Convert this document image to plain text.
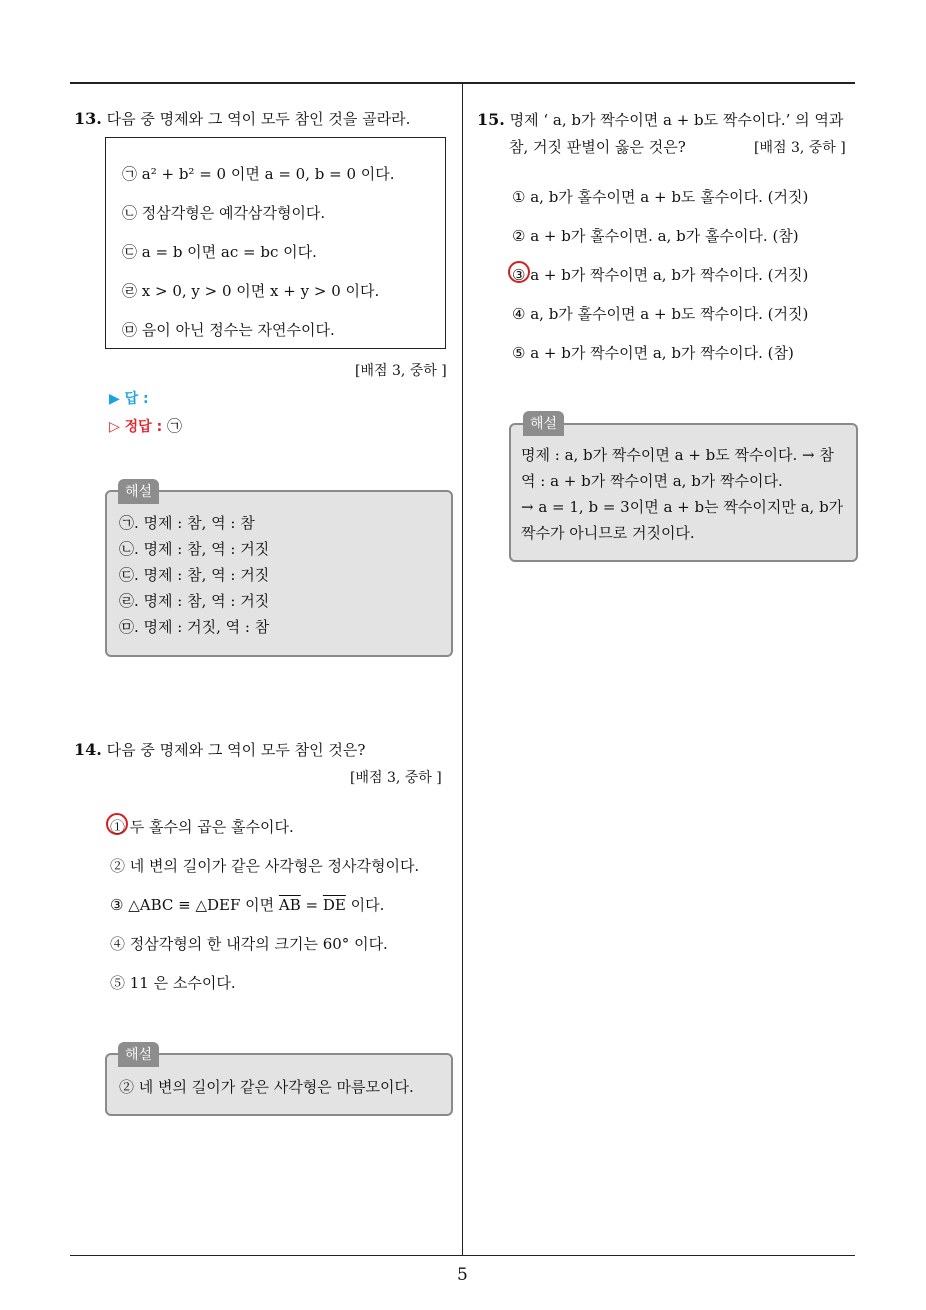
13. 다음 중 명제와 그 역이 모두 참인 것을 골라라.
㉠ a² + b² = 0 이면 a = 0, b = 0 이다.
㉡ 정삼각형은 예각삼각형이다.
㉢ a = b 이면 ac = bc 이다.
㉣ x > 0, y > 0 이면 x + y > 0 이다.
㉤ 음이 아닌 정수는 자연수이다.
[배점 3, 중하 ]
▶ 답 :
▷ 정답 : ㉠
㉠. 명제 : 참, 역 : 참
㉡. 명제 : 참, 역 : 거짓
㉢. 명제 : 참, 역 : 거짓
㉣. 명제 : 참, 역 : 거짓
㉤. 명제 : 거짓, 역 : 참
해설
14. 다음 중 명제와 그 역이 모두 참인 것은?
[배점 3, 중하 ]
① 두 홀수의 곱은 홀수이다.
② 네 변의 길이가 같은 사각형은 정사각형이다.
③ △ABC ≡ △DEF 이면 $\overline{AB} = \overline{DE}$ 이다.
④ 정삼각형의 한 내각의 크기는 60° 이다.
⑤ 11 은 소수이다.
② 네 변의 길이가 같은 사각형은 마름모이다.
해설
15. 명제 ‘ a, b가 짝수이면 a + b도 짝수이다.’ 의 역과
참, 거짓 판별이 옳은 것은?	[배점 3, 중하 ]
① a, b가 홀수이면 a + b도 홀수이다. (거짓)
② a + b가 홀수이면. a, b가 홀수이다. (참)
③ a + b가 짝수이면 a, b가 짝수이다. (거짓)
④ a, b가 홀수이면 a + b도 짝수이다. (거짓)
⑤ a + b가 짝수이면 a, b가 짝수이다. (참)
명제 : a, b가 짝수이면 a + b도 짝수이다. → 참
역 : a + b가 짝수이면 a, b가 짝수이다.
→ a = 1, b = 3이면 a + b는 짝수이지만 a, b가
짝수가 아니므로 거짓이다.
해설
5
